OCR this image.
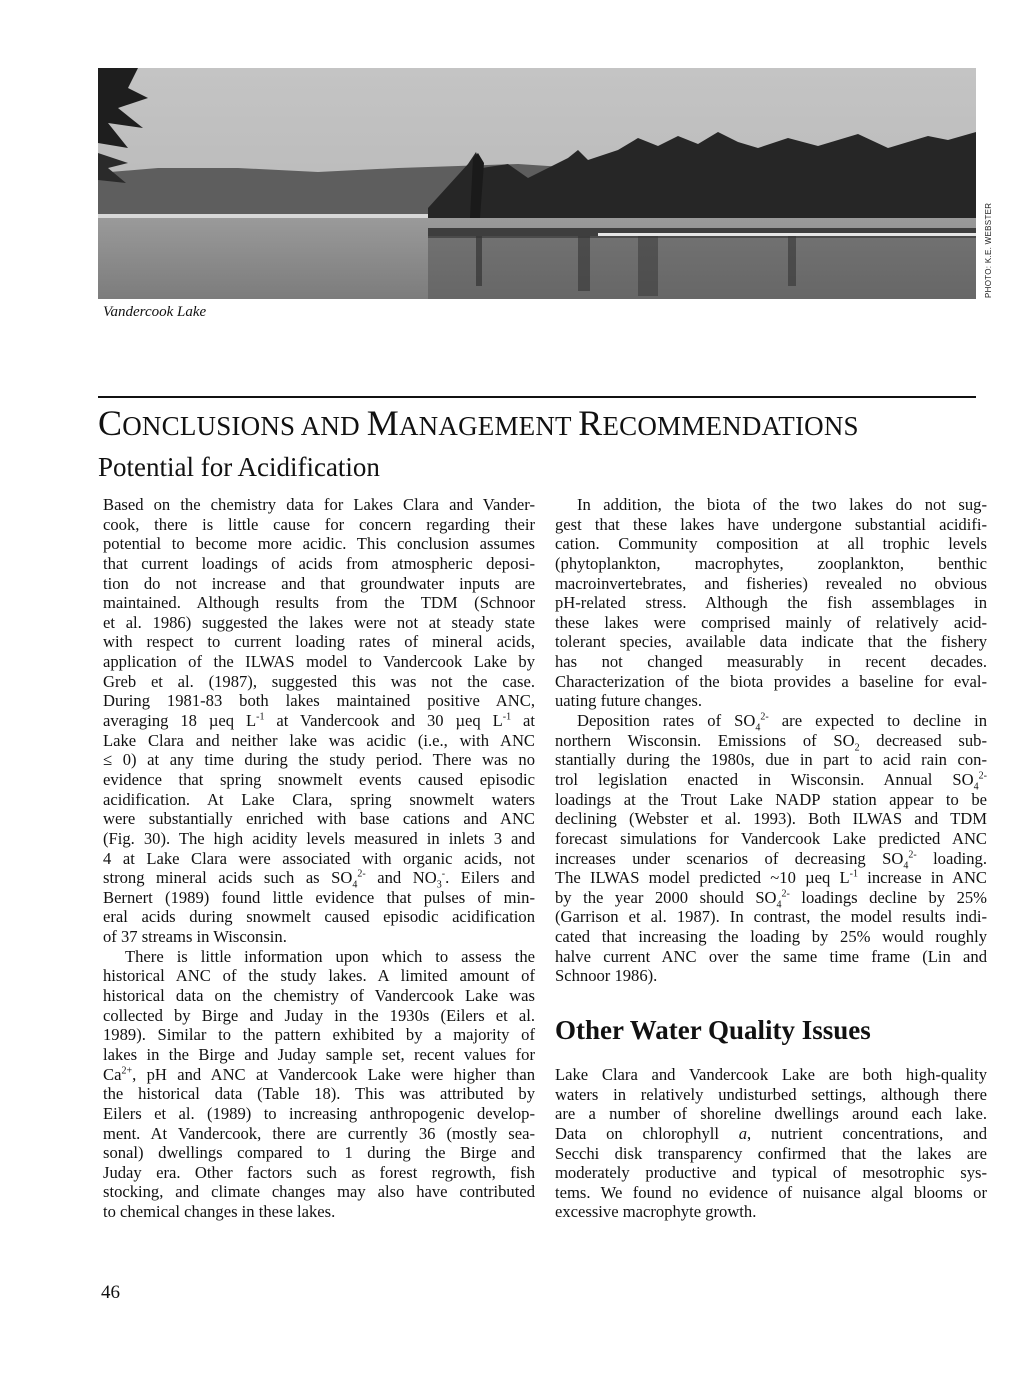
PHOTO: K.E. WEBSTER
Vandercook Lake
CONCLUSIONS AND MANAGEMENT RECOMMENDATIONS
Potential for Acidification
Based on the chemistry data for Lakes Clara and Vander-
cook, there is little cause for concern regarding their
potential to become more acidic. This conclusion assumes
that current loadings of acids from atmospheric deposi-
tion do not increase and that groundwater inputs are
maintained. Although results from the TDM (Schnoor
et al. 1986) suggested the lakes were not at steady state
with respect to current loading rates of mineral acids,
application of the ILWAS model to Vandercook Lake by
Greb et al. (1987), suggested this was not the case.
During 1981-83 both lakes maintained positive ANC,
averaging 18 µeq $L^{-1}$ at Vandercook and 30 µeq $L^{-1}$ at
Lake Clara and neither lake was acidic (i.e., with ANC
≤ 0) at any time during the study period. There was no
evidence that spring snowmelt events caused episodic
acidification. At Lake Clara, spring snowmelt waters
were substantially enriched with base cations and ANC
(Fig. 30). The high acidity levels measured in inlets 3 and
4 at Lake Clara were associated with organic acids, not
strong mineral acids such as $SO_4^{2-}$ and $NO_3^-$. Eilers and
Bernert (1989) found little evidence that pulses of min-
eral acids during snowmelt caused episodic acidification
of 37 streams in Wisconsin.
There is little information upon which to assess the
historical ANC of the study lakes. A limited amount of
historical data on the chemistry of Vandercook Lake was
collected by Birge and Juday in the 1930s (Eilers et al.
1989). Similar to the pattern exhibited by a majority of
lakes in the Birge and Juday sample set, recent values for
$Ca^{2+}$, pH and ANC at Vandercook Lake were higher than
the historical data (Table 18). This was attributed by
Eilers et al. (1989) to increasing anthropogenic develop-
ment. At Vandercook, there are currently 36 (mostly sea-
sonal) dwellings compared to 1 during the Birge and
Juday era. Other factors such as forest regrowth, fish
stocking, and climate changes may also have contributed
to chemical changes in these lakes.
In addition, the biota of the two lakes do not sug-
gest that these lakes have undergone substantial acidifi-
cation. Community composition at all trophic levels
(phytoplankton, macrophytes, zooplankton, benthic
macroinvertebrates, and fisheries) revealed no obvious
pH-related stress. Although the fish assemblages in
these lakes were comprised mainly of relatively acid-
tolerant species, available data indicate that the fishery
has not changed measurably in recent decades.
Characterization of the biota provides a baseline for eval-
uating future changes.
Deposition rates of $SO_4^{2-}$ are expected to decline in
northern Wisconsin. Emissions of $SO_2$ decreased sub-
stantially during the 1980s, due in part to acid rain con-
trol legislation enacted in Wisconsin. Annual $SO_4^{2-}$
loadings at the Trout Lake NADP station appear to be
declining (Webster et al. 1993). Both ILWAS and TDM
forecast simulations for Vandercook Lake predicted ANC
increases under scenarios of decreasing $SO_4^{2-}$ loading.
The ILWAS model predicted ~10 µeq $L^{-1}$ increase in ANC
by the year 2000 should $SO_4^{2-}$ loadings decline by 25%
(Garrison et al. 1987). In contrast, the model results indi-
cated that increasing the loading by 25% would roughly
halve current ANC over the same time frame (Lin and
Schnoor 1986).
Other Water Quality Issues
Lake Clara and Vandercook Lake are both high-quality
waters in relatively undisturbed settings, although there
are a number of shoreline dwellings around each lake.
Data on chlorophyll a, nutrient concentrations, and
Secchi disk transparency confirmed that the lakes are
moderately productive and typical of mesotrophic sys-
tems. We found no evidence of nuisance algal blooms or
excessive macrophyte growth.
46
